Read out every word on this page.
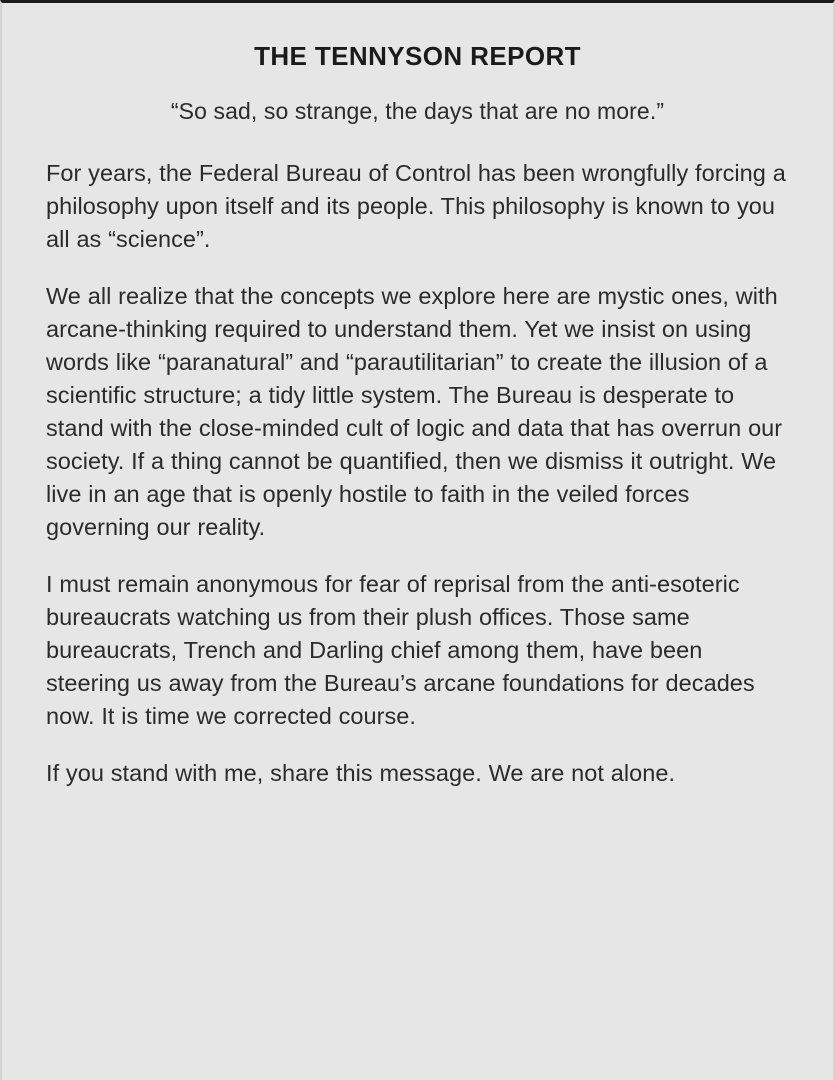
THE TENNYSON REPORT

“So sad, so strange, the days that are no more.”

For years, the Federal Bureau of Control has been wrongfully forcing a philosophy upon itself and its people. This philosophy is known to you all as “science”.

We all realize that the concepts we explore here are mystic ones, with arcane-thinking required to understand them. Yet we insist on using words like “paranatural” and “parautilitarian” to create the illusion of a scientific structure; a tidy little system. The Bureau is desperate to stand with the close-minded cult of logic and data that has overrun our society. If a thing cannot be quantified, then we dismiss it outright. We live in an age that is openly hostile to faith in the veiled forces governing our reality.

I must remain anonymous for fear of reprisal from the anti-esoteric bureaucrats watching us from their plush offices. Those same bureaucrats, Trench and Darling chief among them, have been steering us away from the Bureau’s arcane foundations for decades now. It is time we corrected course.

If you stand with me, share this message. We are not alone.
